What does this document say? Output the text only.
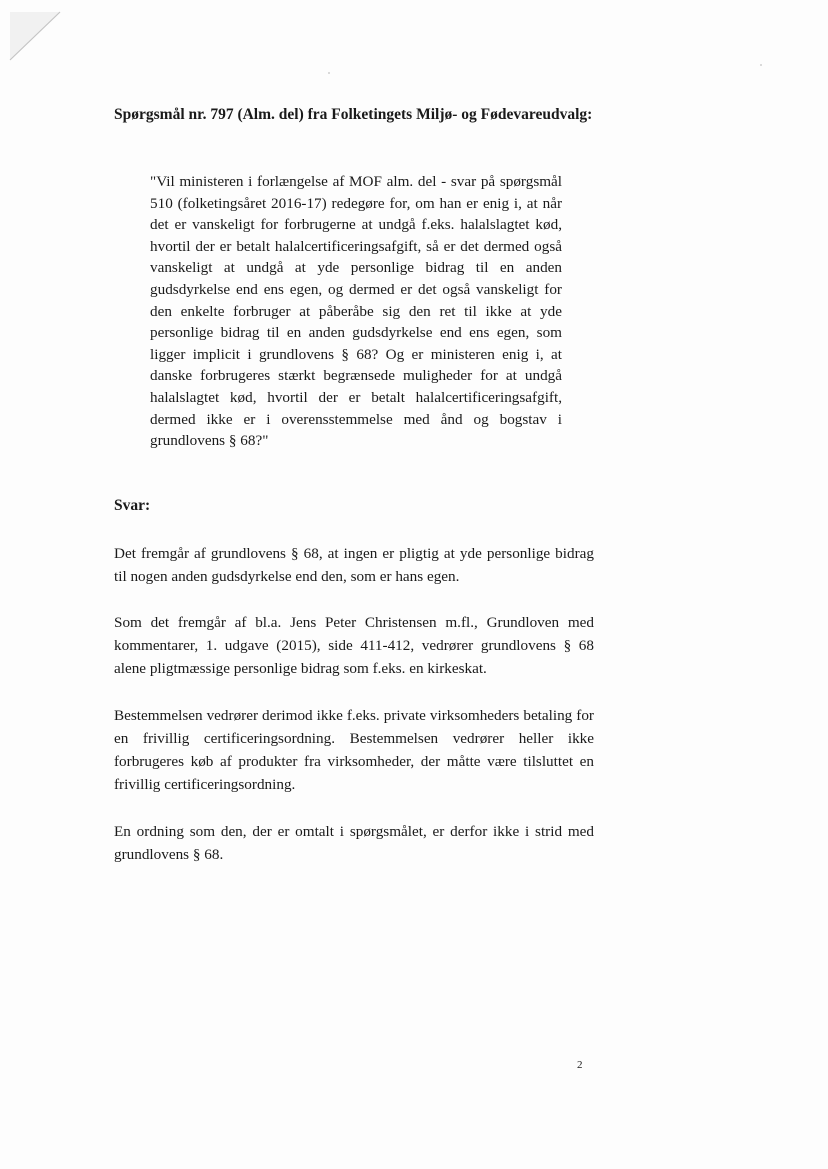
Spørgsmål nr. 797 (Alm. del) fra Folketingets Miljø- og Fødevareudvalg:

"Vil ministeren i forlængelse af MOF alm. del - svar på spørgsmål 510 (folketingsåret 2016-17) redegøre for, om han er enig i, at når det er vanskeligt for forbrugerne at undgå f.eks. halalslagtet kød, hvortil der er betalt halalcertificeringsafgift, så er det dermed også vanskeligt at undgå at yde personlige bidrag til en anden gudsdyrkelse end ens egen, og dermed er det også vanskeligt for den enkelte forbruger at påberåbe sig den ret til ikke at yde personlige bidrag til en anden gudsdyrkelse end ens egen, som ligger implicit i grundlovens § 68? Og er ministeren enig i, at danske forbrugeres stærkt begrænsede muligheder for at undgå halalslagtet kød, hvortil der er betalt halalcertificeringsafgift, dermed ikke er i overensstemmelse med ånd og bogstav i grundlovens § 68?"

Svar:

Det fremgår af grundlovens § 68, at ingen er pligtig at yde personlige bidrag til nogen anden gudsdyrkelse end den, som er hans egen.

Som det fremgår af bl.a. Jens Peter Christensen m.fl., Grundloven med kommentarer, 1. udgave (2015), side 411-412, vedrører grundlovens § 68 alene pligtmæssige personlige bidrag som f.eks. en kirkeskat.

Bestemmelsen vedrører derimod ikke f.eks. private virksomheders betaling for en frivillig certificeringsordning. Bestemmelsen vedrører heller ikke forbrugeres køb af produkter fra virksomheder, der måtte være tilsluttet en frivillig certificeringsordning.

En ordning som den, der er omtalt i spørgsmålet, er derfor ikke i strid med grundlovens § 68.

2
